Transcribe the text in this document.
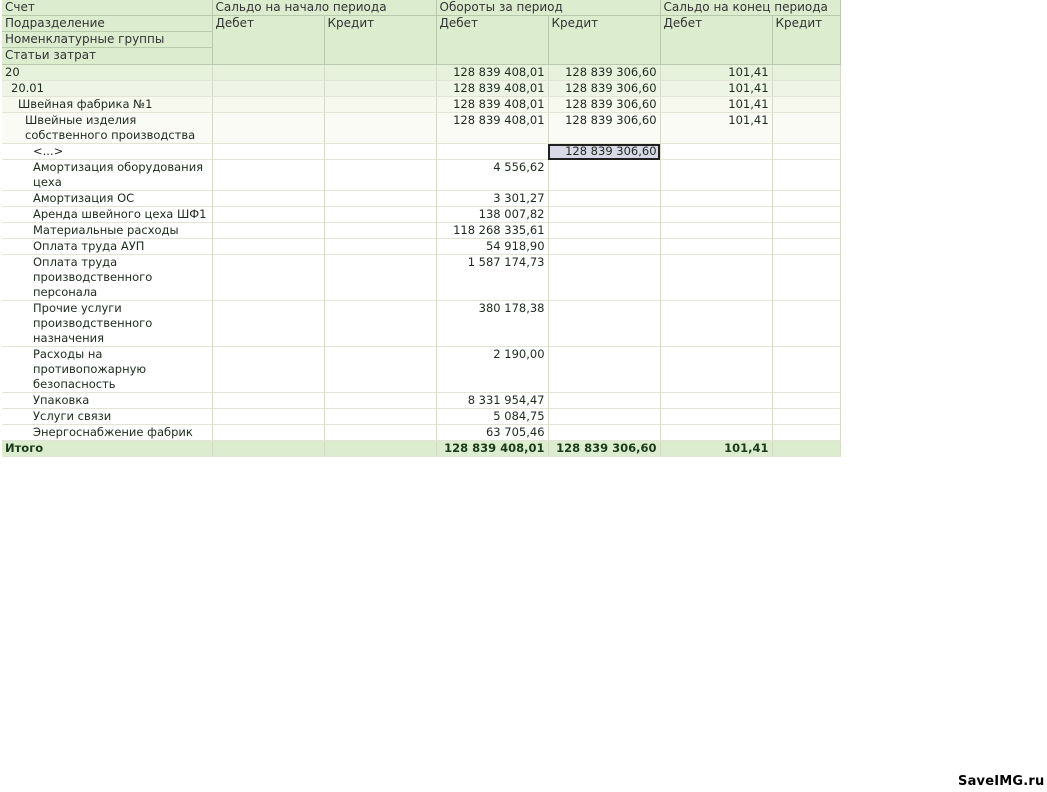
Счет	Сальдо на начало периода		Обороты за период		Сальдо на конец периода	
Подразделение	Дебет	Кредит	Дебет	Кредит	Дебет	Кредит
Номенклатурные группы						
Статьи затрат						
20			128 839 408,01	128 839 306,60	101,41	
20.01			128 839 408,01	128 839 306,60	101,41	
Швейная фабрика №1			128 839 408,01	128 839 306,60	101,41	
Швейные изделия собственного производства			128 839 408,01	128 839 306,60	101,41	
<...>				128 839 306,60		
Амортизация оборудования цеха			4 556,62			
Амортизация ОС			3 301,27			
Аренда швейного цеха ШФ1			138 007,82			
Материальные расходы			118 268 335,61			
Оплата труда АУП			54 918,90			
Оплата труда производственного персонала			1 587 174,73			
Прочие услуги производственного назначения			380 178,38			
Расходы на противопожарную безопасность			2 190,00			
Упаковка			8 331 954,47			
Услуги связи			5 084,75			
Энергоснабжение фабрик			63 705,46			
Итого			128 839 408,01	128 839 306,60	101,41	
SaveIMG.ru
